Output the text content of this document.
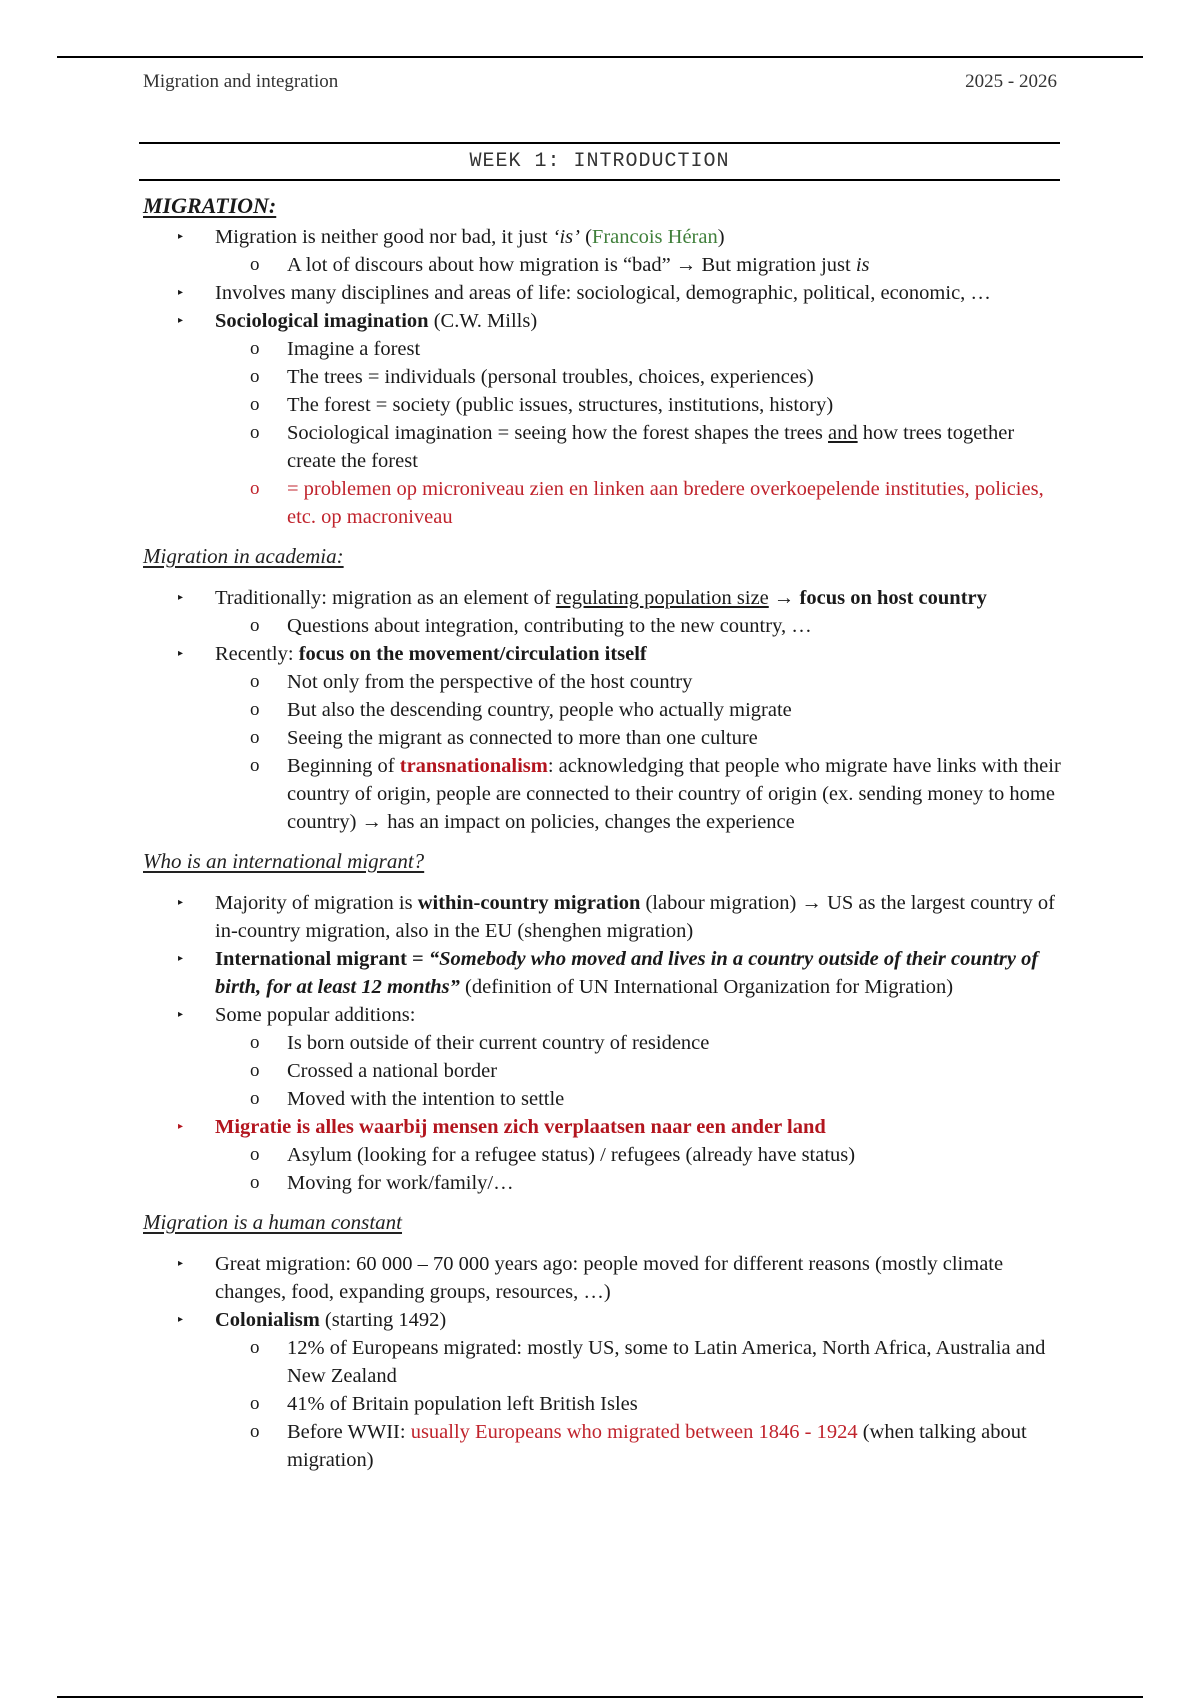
Migration and integration	2025 - 2026
WEEK 1: INTRODUCTION

MIGRATION:

▸ Migration is neither good nor bad, it just ‘is’ (Francois Héran)
o A lot of discours about how migration is “bad” → But migration just is
▸ Involves many disciplines and areas of life: sociological, demographic, political, economic, …
▸ Sociological imagination (C.W. Mills)
o Imagine a forest
o The trees = individuals (personal troubles, choices, experiences)
o The forest = society (public issues, structures, institutions, history)
o Sociological imagination = seeing how the forest shapes the trees and how trees together create the forest
o = problemen op microniveau zien en linken aan bredere overkoepelende instituties, policies, etc. op macroniveau

Migration in academia:

▸ Traditionally: migration as an element of regulating population size → focus on host country
o Questions about integration, contributing to the new country, …
▸ Recently: focus on the movement/circulation itself
o Not only from the perspective of the host country
o But also the descending country, people who actually migrate
o Seeing the migrant as connected to more than one culture
o Beginning of transnationalism: acknowledging that people who migrate have links with their country of origin, people are connected to their country of origin (ex. sending money to home country) → has an impact on policies, changes the experience

Who is an international migrant?

▸ Majority of migration is within-country migration (labour migration) → US as the largest country of in-country migration, also in the EU (shenghen migration)
▸ International migrant = “Somebody who moved and lives in a country outside of their country of birth, for at least 12 months” (definition of UN International Organization for Migration)
▸ Some popular additions:
o Is born outside of their current country of residence
o Crossed a national border
o Moved with the intention to settle
▸ Migratie is alles waarbij mensen zich verplaatsen naar een ander land
o Asylum (looking for a refugee status) / refugees (already have status)
o Moving for work/family/…

Migration is a human constant

▸ Great migration: 60 000 – 70 000 years ago: people moved for different reasons (mostly climate changes, food, expanding groups, resources, …)
▸ Colonialism (starting 1492)
o 12% of Europeans migrated: mostly US, some to Latin America, North Africa, Australia and New Zealand
o 41% of Britain population left British Isles
o Before WWII: usually Europeans who migrated between 1846 - 1924 (when talking about migration)
